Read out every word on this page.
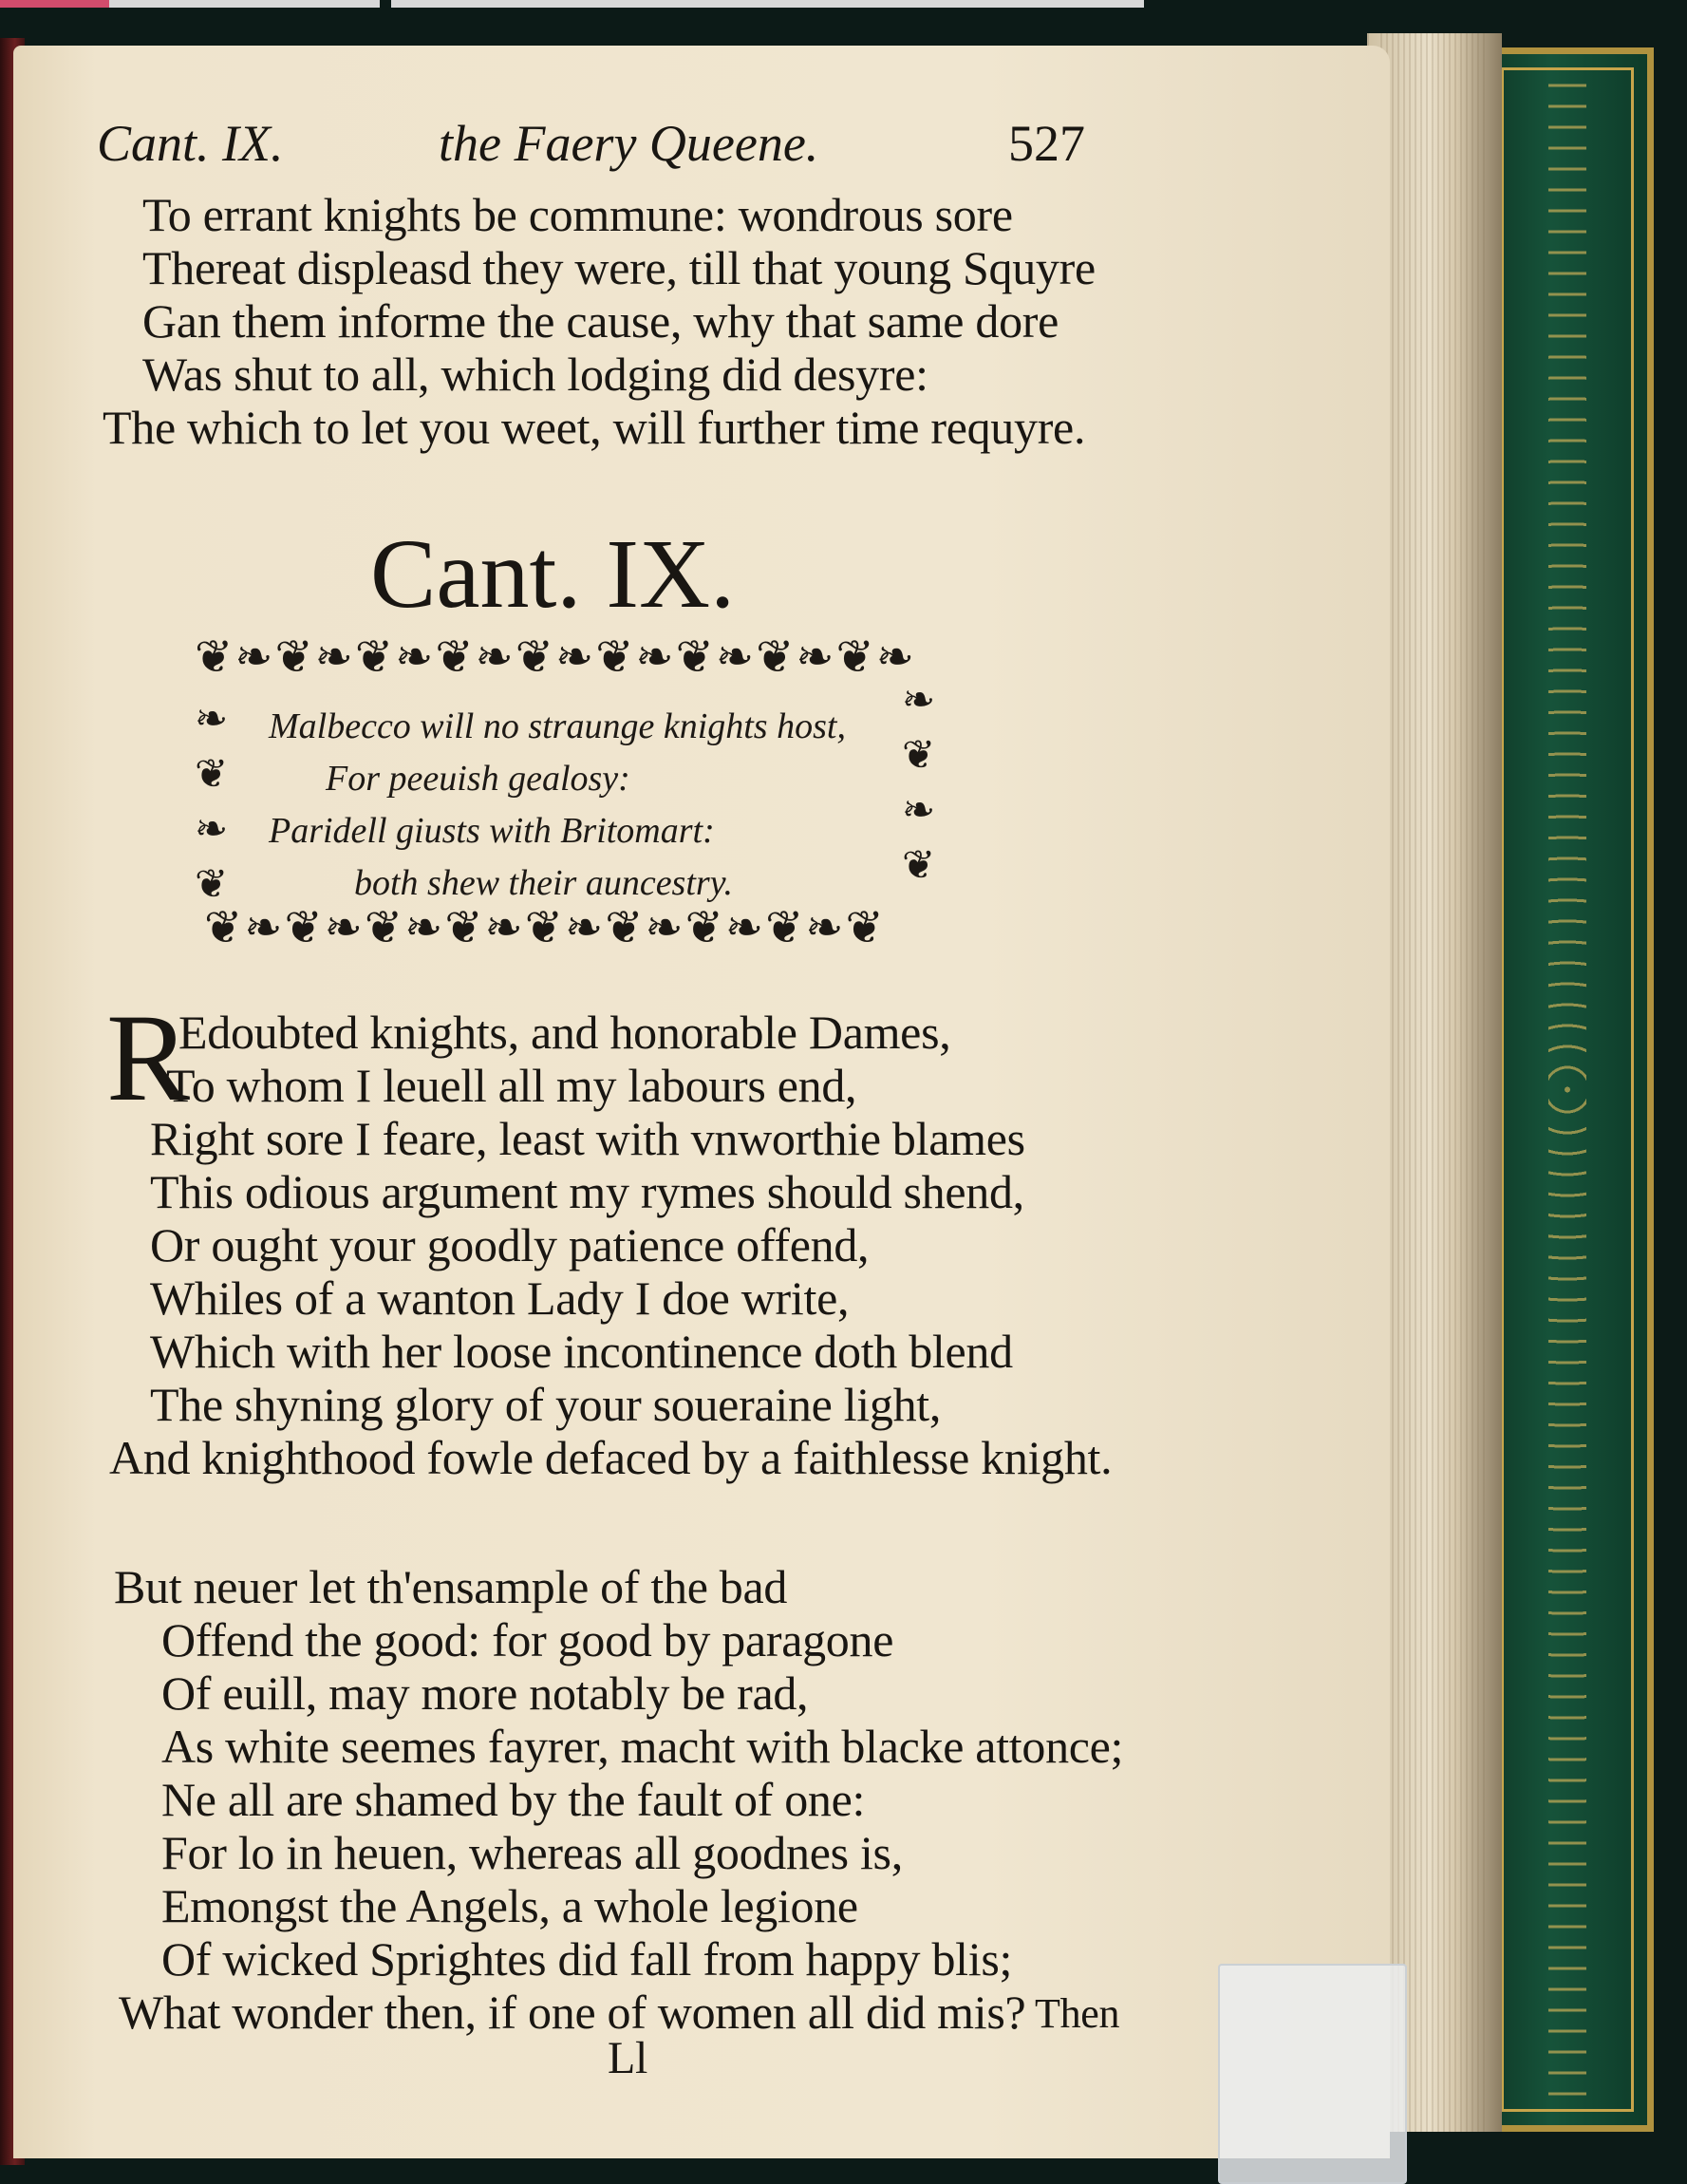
Cant. IX.	the Faery Queene.	527
To errant knights be commune: wondrous sore
Thereat displeasd they were, till that young Squyre
Gan them informe the cause, why that same dore
Was shut to all, which lodging did desyre:
The which to let you weet, will further time requyre.
Cant. IX.
❦❧❦❧❦❧❦❧❦❧❦❧❦❧❦❧❦❧
❧
❦
❧
❦
❧
❦
❧
❦
❦❧❦❧❦❧❦❧❦❧❦❧❦❧❦❧❦
Malbecco will no straunge knights host,
For peeuish gealosy:
Paridell giusts with Britomart:
both shew their auncestry.
R
Edoubted knights, and honorable Dames,
To whom I leuell all my labours end,
Right sore I feare, least with vnworthie blames
This odious argument my rymes should shend,
Or ought your goodly patience offend,
Whiles of a wanton Lady I doe write,
Which with her loose incontinence doth blend
The shyning glory of your soueraine light,
And knighthood fowle defaced by a faithlesse knight.
But neuer let th'ensample of the bad
Offend the good: for good by paragone
Of euill, may more notably be rad,
As white seemes fayrer, macht with blacke attonce;
Ne all are shamed by the fault of one:
For lo in heuen, whereas all goodnes is,
Emongst the Angels, a whole legione
Of wicked Sprightes did fall from happy blis;
What wonder then, if one of women all did mis? Then
Ll
